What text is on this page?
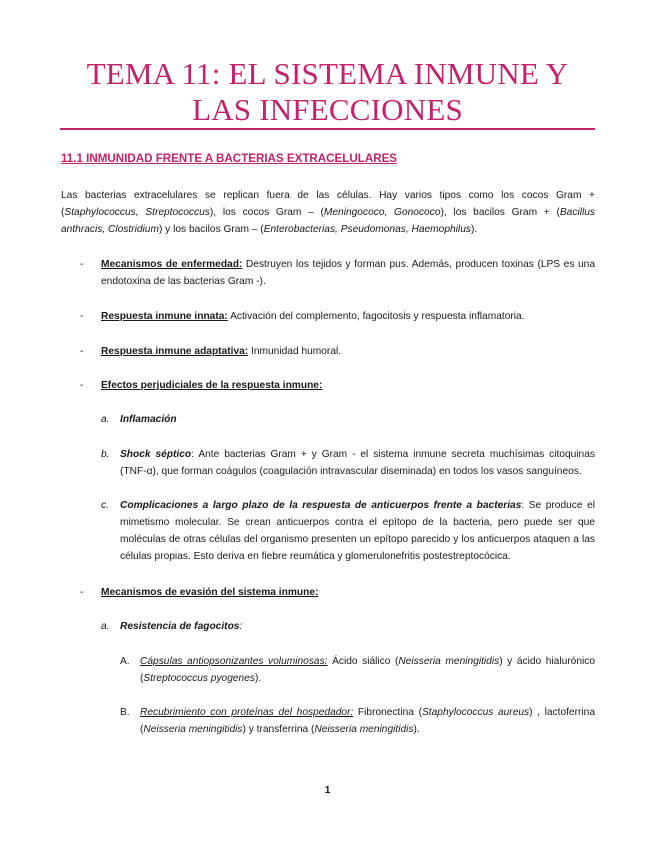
TEMA 11: EL SISTEMA INMUNE Y LAS INFECCIONES
11.1 INMUNIDAD FRENTE A BACTERIAS EXTRACELULARES
Las bacterias extracelulares se replican fuera de las células. Hay varios tipos como los cocos Gram + (Staphylococcus, Streptococcus), los cocos Gram – (Meningococo, Gonococo), los bacilos Gram + (Bacillus anthracis, Clostridium) y los bacilos Gram – (Enterobacterias, Pseudomonas, Haemophilus).
- Mecanismos de enfermedad: Destruyen los tejidos y forman pus. Además, producen toxinas (LPS es una endotoxina de las bacterias Gram -).
- Respuesta inmune innata: Activación del complemento, fagocitosis y respuesta inflamatoria.
- Respuesta inmune adaptativa: Inmunidad humoral.
- Efectos perjudiciales de la respuesta inmune:
a. Inflamación
b. Shock séptico: Ante bacterias Gram + y Gram - el sistema inmune secreta muchísimas citoquinas (TNF-α), que forman coágulos (coagulación intravascular diseminada) en todos los vasos sanguíneos.
c. Complicaciones a largo plazo de la respuesta de anticuerpos frente a bacterias: Se produce el mimetismo molecular. Se crean anticuerpos contra el epítopo de la bacteria, pero puede ser que moléculas de otras células del organismo presenten un epítopo parecido y los anticuerpos ataquen a las células propias. Esto deriva en fiebre reumática y glomerulonefritis postestreptocócica.
- Mecanismos de evasión del sistema inmune:
a. Resistencia de fagocitos:
A. Cápsulas antiopsonizantes voluminosas: Ácido siálico (Neisseria meningitidis) y ácido hialurónico (Streptococcus pyogenes).
B. Recubrimiento con proteínas del hospedador: Fibronectina (Staphylococcus aureus) , lactoferrina (Neisseria meningitidis) y transferrina (Neisseria meningitidis).
1
